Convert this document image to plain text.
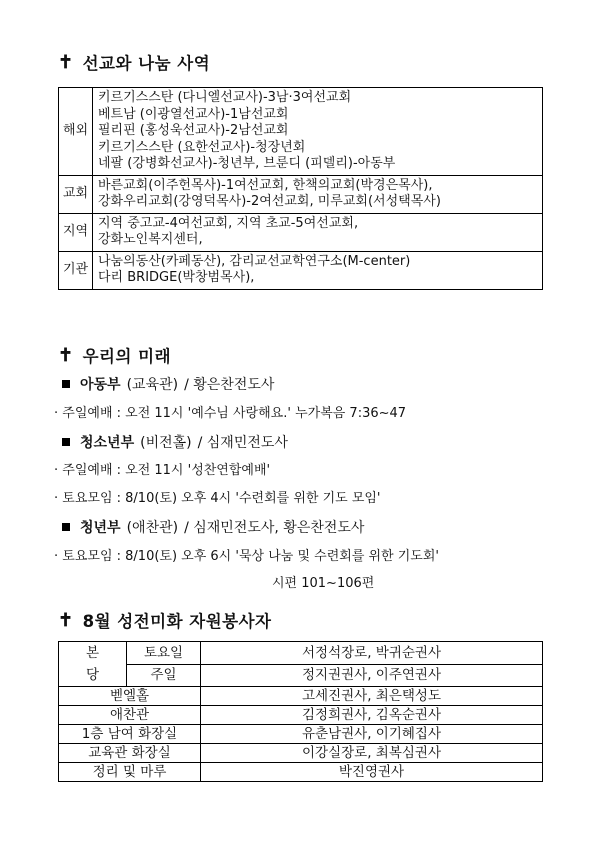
✝ 선교와 나눔 사역
해외	키르기스스탄 (다니엘선교사)-3남·3여선교회
베트남 (이광열선교사)-1남선교회
필리핀 (홍성욱선교사)-2남선교회
키르기스스탄 (요한선교사)-청장년회
네팔 (강병화선교사)-청년부, 브룬디 (피델리)-아동부

교회	바른교회(이주헌목사)-1여선교회, 한책의교회(박경은목사),
강화우리교회(강영덕목사)-2여선교회, 미루교회(서성택목사)

지역	지역 중고교-4여선교회, 지역 초교-5여선교회,
강화노인복지센터,

기관	나눔의동산(카페동산), 감리교선교학연구소(M-center)
다리 BRIDGE(박창범목사),
✝ 우리의 미래
아동부 (교육관) / 황은찬전도사
· 주일예배 : 오전 11시 '예수님 사랑해요.' 누가복음 7:36~47
청소년부 (비전홀) / 심재민전도사
· 주일예배 : 오전 11시 '성찬연합예배'
· 토요모임 : 8/10(토) 오후 4시 '수련회를 위한 기도 모임'
청년부 (애찬관) / 심재민전도사, 황은찬전도사
· 토요모임 : 8/10(토) 오후 6시 '묵상 나눔 및 수련회를 위한 기도회'
시편 101~106편
✝ 8월 성전미화 자원봉사자
본당	토요일	서정석장로, 박귀순권사
	주일	정지권권사, 이주연권사
벧엘홀		고세진권사, 최은택성도
애찬관		김정희권사, 김옥순권사
1층 남여 화장실		유춘남권사, 이기혜집사
교육관 화장실		이강실장로, 최복심권사
정리 및 마루		박진영권사
